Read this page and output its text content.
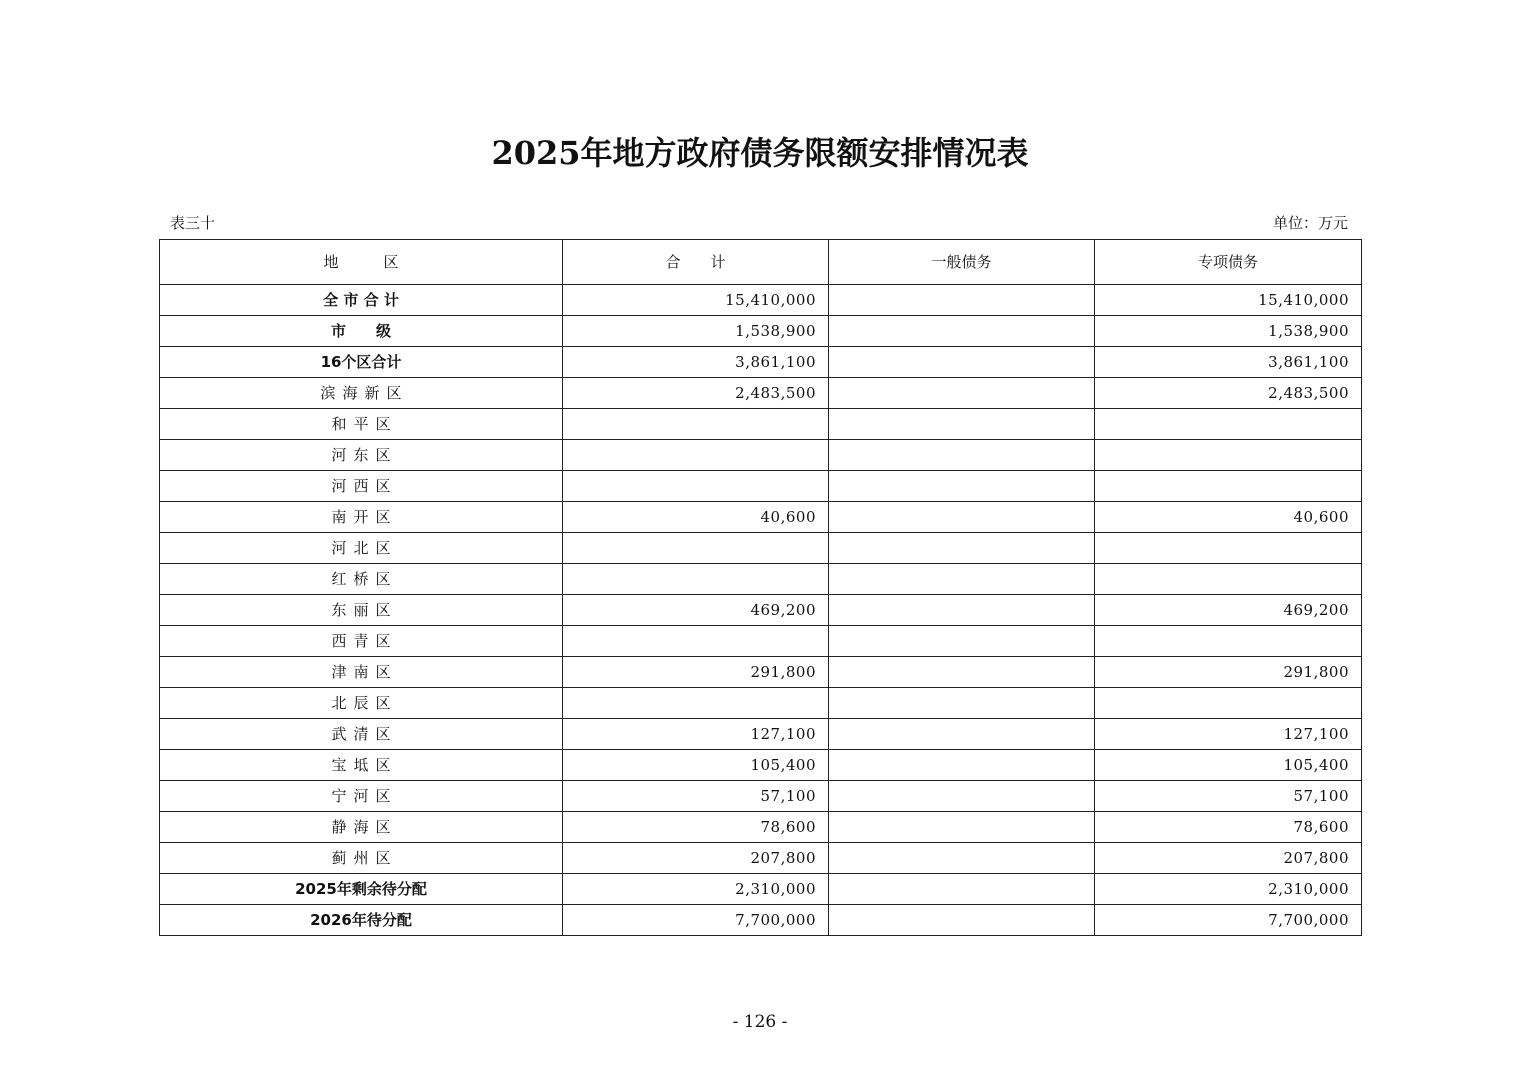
2025年地方政府债务限额安排情况表
表三十	单位：万元
地　　　区	合　　计	一般债务	专项债务
全 市 合 计	15,410,000		15,410,000
市　　级	1,538,900		1,538,900
16个区合计	3,861,100		3,861,100
滨海新区	2,483,500		2,483,500
和平区			
河东区			
河西区			
南开区	40,600		40,600
河北区			
红桥区			
东丽区	469,200		469,200
西青区			
津南区	291,800		291,800
北辰区			
武清区	127,100		127,100
宝坻区	105,400		105,400
宁河区	57,100		57,100
静海区	78,600		78,600
蓟州区	207,800		207,800
2025年剩余待分配	2,310,000		2,310,000
2026年待分配	7,700,000		7,700,000
- 126 -
